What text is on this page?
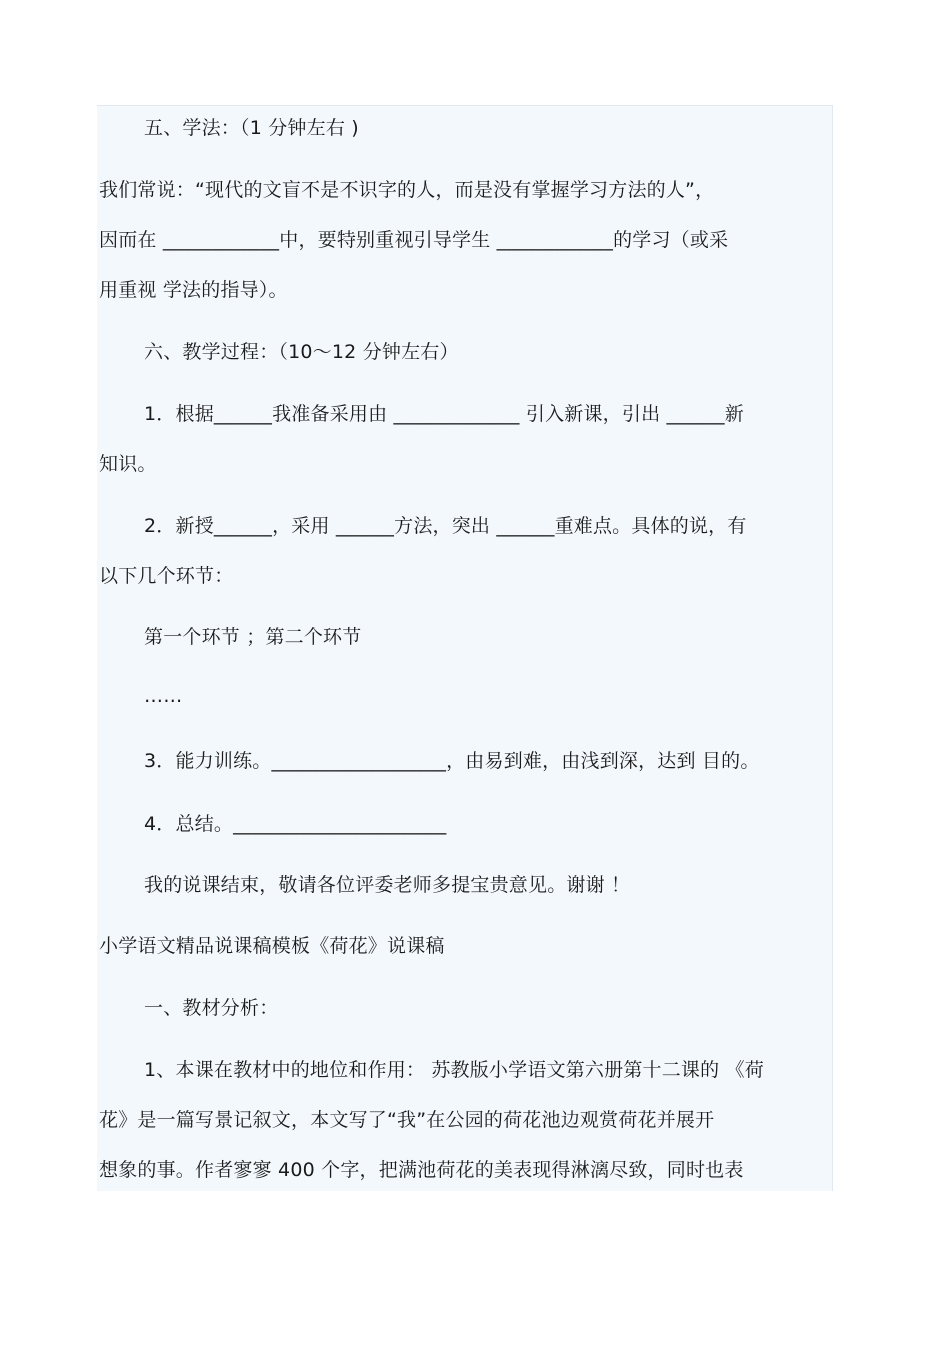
五、学法：（1 分钟左右 )
我们常说：“现代的文盲不是不识字的人，而是没有掌握学习方法的人”，
因而在 ____________中，要特别重视引导学生 ____________的学习（或采
用重视 学法的指导）。
六、教学过程：（10～12 分钟左右）
1．根据______我准备采用由 _____________ 引入新课，引出 ______新
知识。
2．新授______，采用 ______方法，突出 ______重难点。具体的说，有
以下几个环节：
第一个环节 ；第二个环节
……
3．能力训练。__________________，由易到难，由浅到深，达到 目的。
4．总结。______________________
我的说课结束，敬请各位评委老师多提宝贵意见。谢谢 ！
小学语文精品说课稿模板《荷花》说课稿
一、教材分析：
1、本课在教材中的地位和作用： 苏教版小学语文第六册第十二课的 《荷
花》是一篇写景记叙文，本文写了“我”在公园的荷花池边观赏荷花并展开
想象的事。作者寥寥 400 个字，把满池荷花的美表现得淋漓尽致，同时也表
